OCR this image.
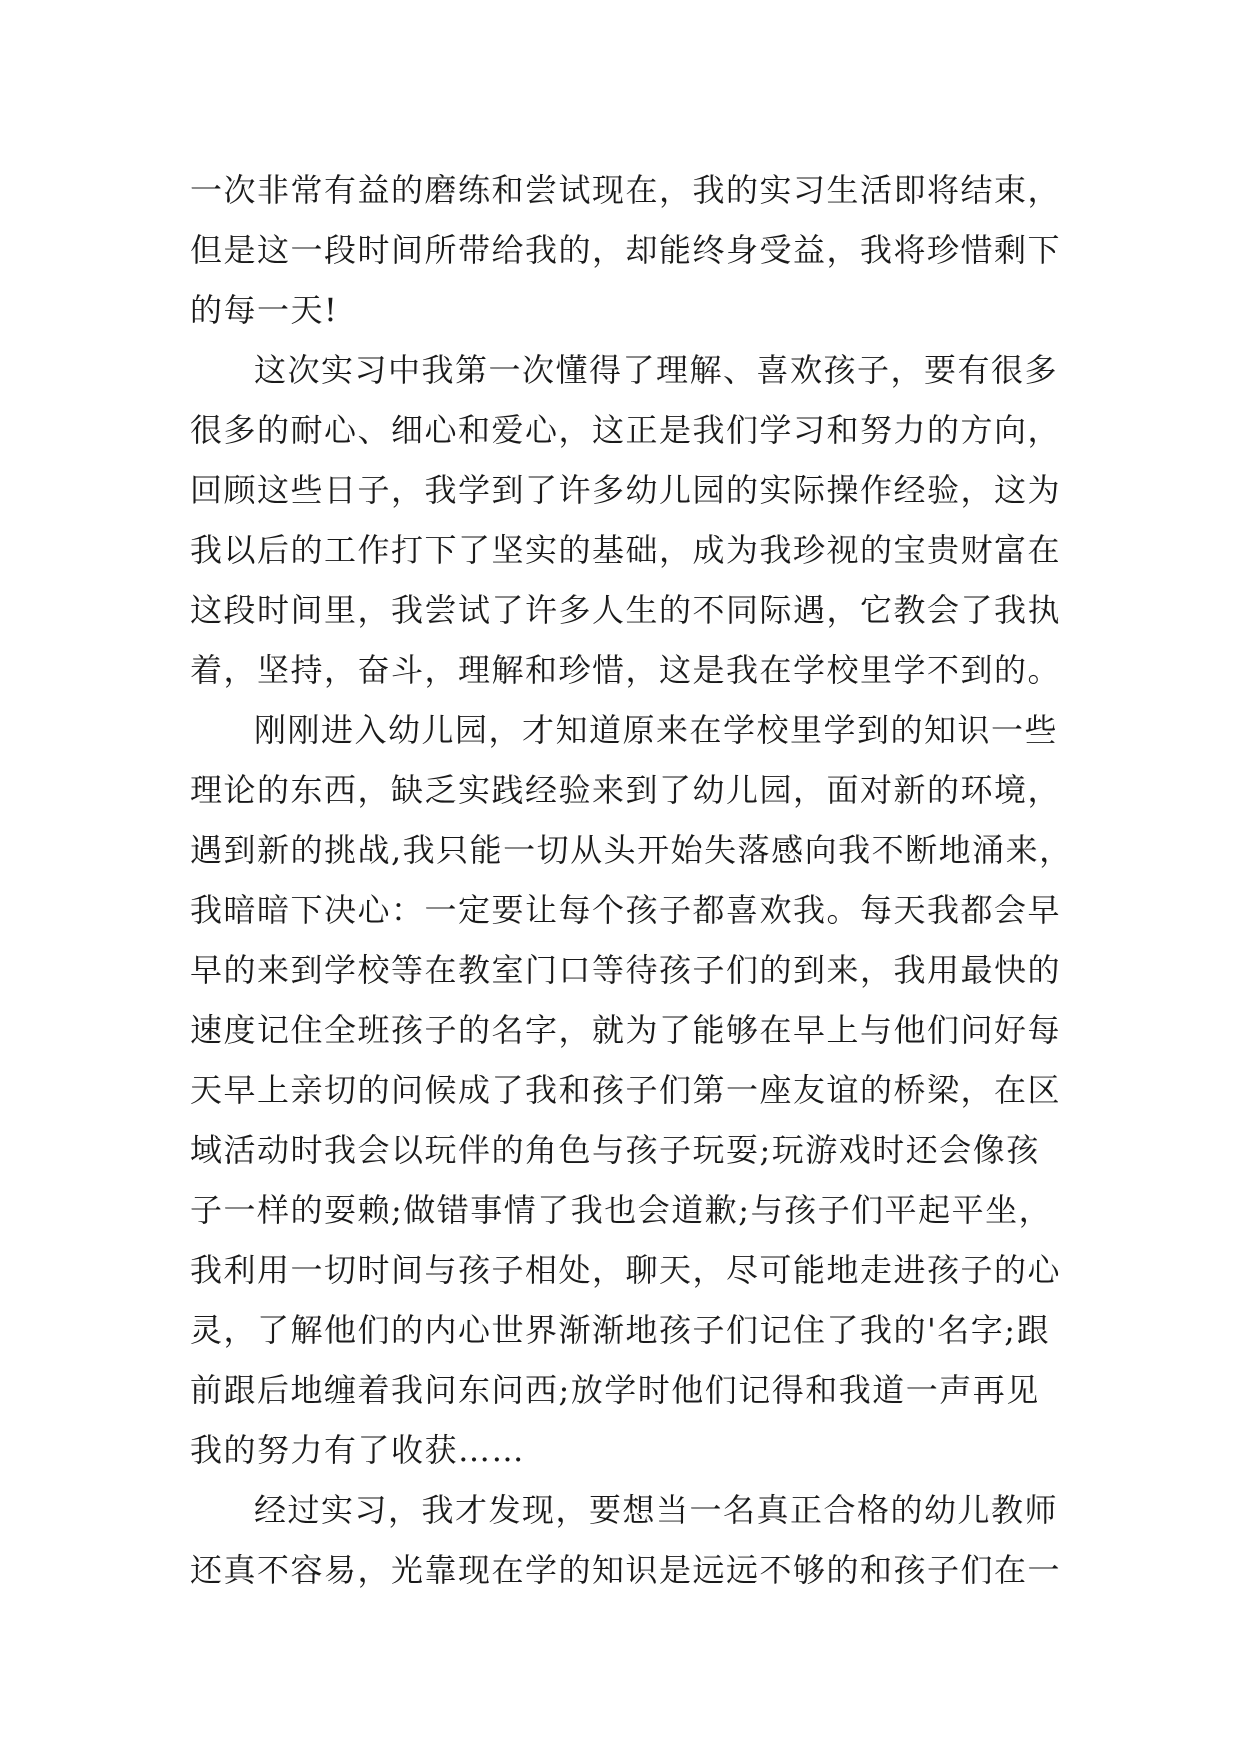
一次非常有益的磨练和尝试现在，我的实习生活即将结束，
但是这一段时间所带给我的，却能终身受益，我将珍惜剩下
的每一天!
这次实习中我第一次懂得了理解、喜欢孩子，要有很多
很多的耐心、细心和爱心，这正是我们学习和努力的方向，
回顾这些日子，我学到了许多幼儿园的实际操作经验，这为
我以后的工作打下了坚实的基础，成为我珍视的宝贵财富在
这段时间里，我尝试了许多人生的不同际遇，它教会了我执
着，坚持，奋斗，理解和珍惜，这是我在学校里学不到的。
刚刚进入幼儿园，才知道原来在学校里学到的知识一些
理论的东西，缺乏实践经验来到了幼儿园，面对新的环境，
遇到新的挑战,我只能一切从头开始失落感向我不断地涌来，
我暗暗下决心：一定要让每个孩子都喜欢我。每天我都会早
早的来到学校等在教室门口等待孩子们的到来，我用最快的
速度记住全班孩子的名字，就为了能够在早上与他们问好每
天早上亲切的问候成了我和孩子们第一座友谊的桥梁，在区
域活动时我会以玩伴的角色与孩子玩耍;玩游戏时还会像孩
子一样的耍赖;做错事情了我也会道歉;与孩子们平起平坐，
我利用一切时间与孩子相处，聊天，尽可能地走进孩子的心
灵，了解他们的内心世界渐渐地孩子们记住了我的'名字;跟
前跟后地缠着我问东问西;放学时他们记得和我道一声再见
我的努力有了收获……
经过实习，我才发现，要想当一名真正合格的幼儿教师
还真不容易，光靠现在学的知识是远远不够的和孩子们在一
